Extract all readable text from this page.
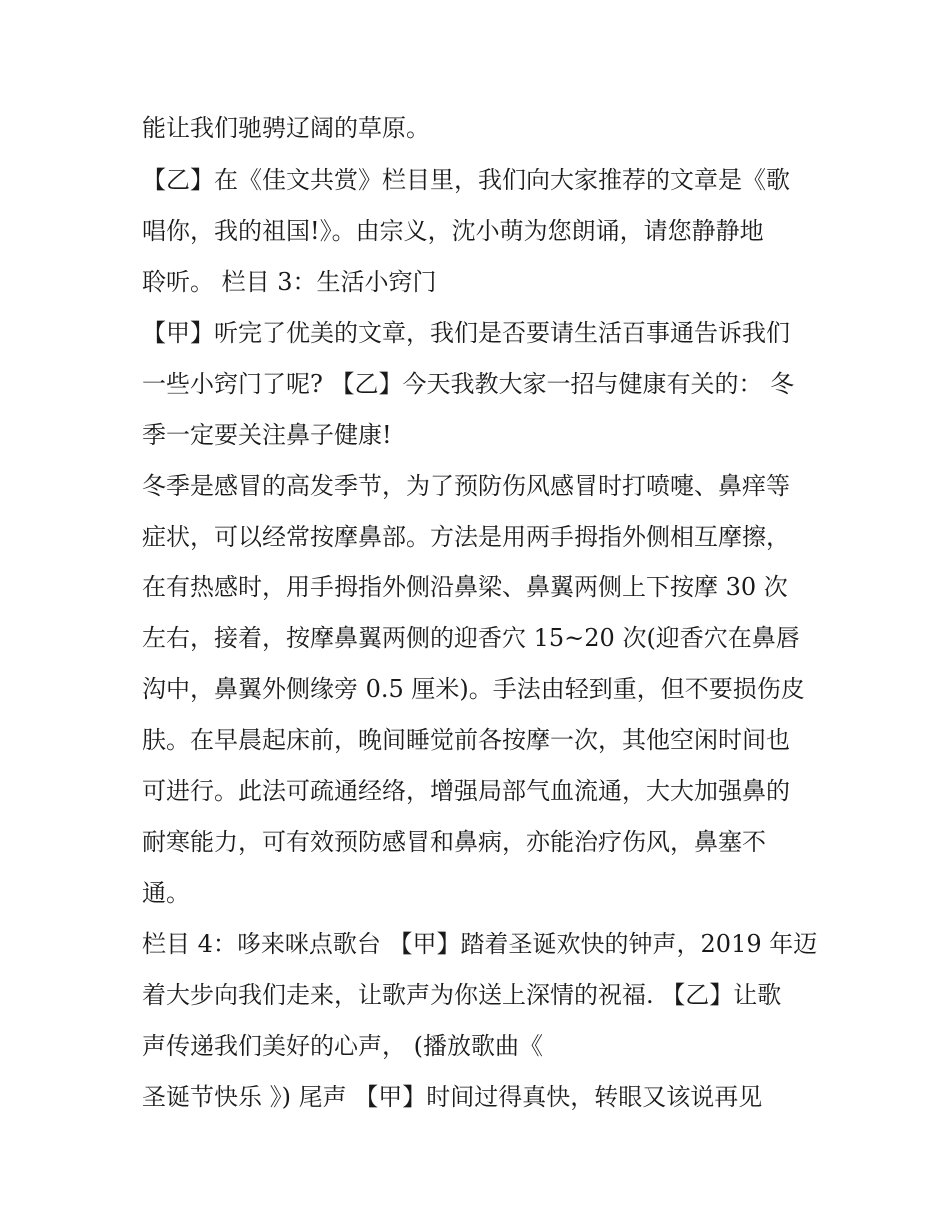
能让我们驰骋辽阔的草原。
【乙】在《佳文共赏》栏目里，我们向大家推荐的文章是《歌
唱你，我的祖国!》。由宗义，沈小萌为您朗诵，请您静静地
聆听。 栏目 3：生活小窍门
【甲】听完了优美的文章，我们是否要请生活百事通告诉我们
一些小窍门了呢? 【乙】今天我教大家一招与健康有关的： 冬
季一定要关注鼻子健康!
冬季是感冒的高发季节，为了预防伤风感冒时打喷嚏、鼻痒等
症状，可以经常按摩鼻部。方法是用两手拇指外侧相互摩擦，
在有热感时，用手拇指外侧沿鼻梁、鼻翼两侧上下按摩 30 次
左右，接着，按摩鼻翼两侧的迎香穴 15~20 次(迎香穴在鼻唇
沟中，鼻翼外侧缘旁 0.5 厘米)。手法由轻到重，但不要损伤皮
肤。在早晨起床前，晚间睡觉前各按摩一次，其他空闲时间也
可进行。此法可疏通经络，增强局部气血流通，大大加强鼻的
耐寒能力，可有效预防感冒和鼻病，亦能治疗伤风，鼻塞不
通。
栏目 4：哆来咪点歌台 【甲】踏着圣诞欢快的钟声，2019 年迈
着大步向我们走来，让歌声为你送上深情的祝福. 【乙】让歌
声传递我们美好的心声， (播放歌曲《
圣诞节快乐 》) 尾声 【甲】时间过得真快，转眼又该说再见
